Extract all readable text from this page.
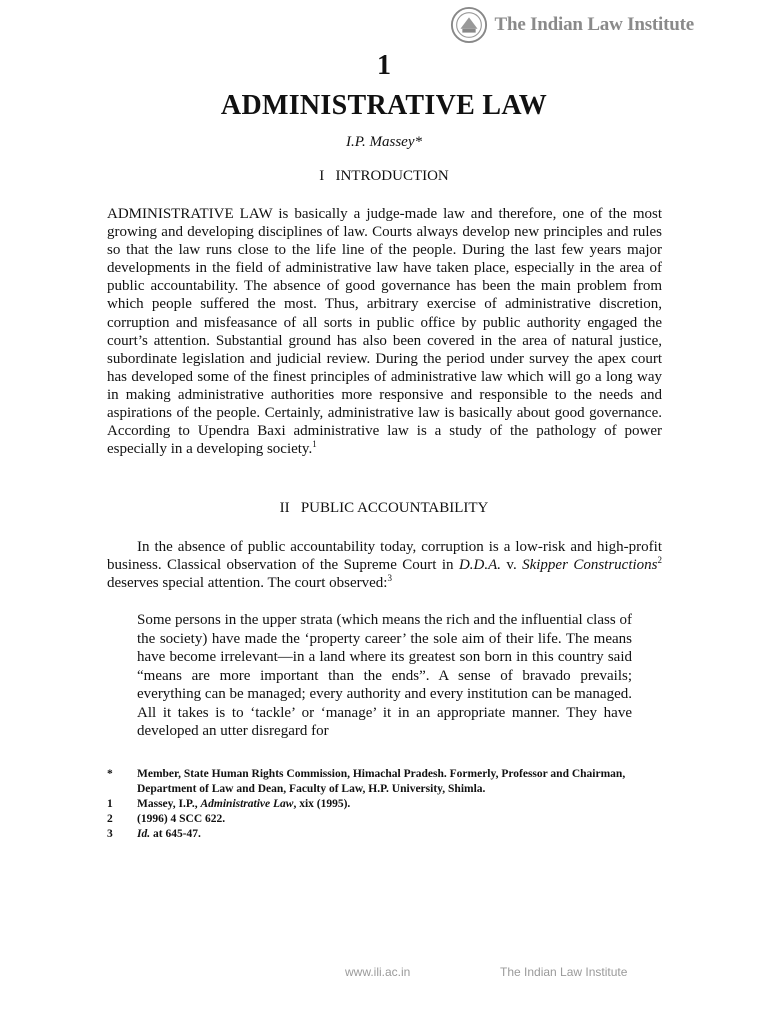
The Indian Law Institute
1
ADMINISTRATIVE LAW
I.P. Massey*
I   INTRODUCTION

ADMINISTRATIVE LAW is basically a judge-made law and therefore, one of the most growing and developing disciplines of law. Courts always develop new principles and rules so that the law runs close to the life line of the people. During the last few years major developments in the field of administrative law have taken place, especially in the area of public accountability. The absence of good governance has been the main problem from which people suffered the most. Thus, arbitrary exercise of administrative discretion, corruption and misfeasance of all sorts in public office by public authority engaged the court’s attention. Substantial ground has also been covered in the area of natural justice, subordinate legislation and judicial review. During the period under survey the apex court has developed some of the finest principles of administrative law which will go a long way in making administrative authorities more responsive and responsible to the needs and aspirations of the people. Certainly, administrative law is basically about good governance. According to Upendra Baxi administrative law is a study of the pathology of power especially in a developing society.$^1$

II   PUBLIC ACCOUNTABILITY

In the absence of public accountability today, corruption is a low-risk and high-profit business. Classical observation of the Supreme Court in D.D.A. v. Skipper Constructions$^2$ deserves special attention. The court observed:$^3$

Some persons in the upper strata (which means the rich and the influential class of the society) have made the ‘property career’ the sole aim of their life. The means have become irrelevant—in a land where its greatest son born in this country said “means are more important than the ends”. A sense of bravado prevails; everything can be managed; every authority and every institution can be managed. All it takes is to ‘tackle’ or ‘manage’ it in an appropriate manner. They have developed an utter disregard for

*	Member, State Human Rights Commission, Himachal Pradesh. Formerly, Professor and Chairman, Department of Law and Dean, Faculty of Law, H.P. University, Shimla.
1	Massey, I.P., Administrative Law, xix (1995).
2	(1996) 4 SCC 622.
3	Id. at 645-47.
www.ili.ac.in	The Indian Law Institute
